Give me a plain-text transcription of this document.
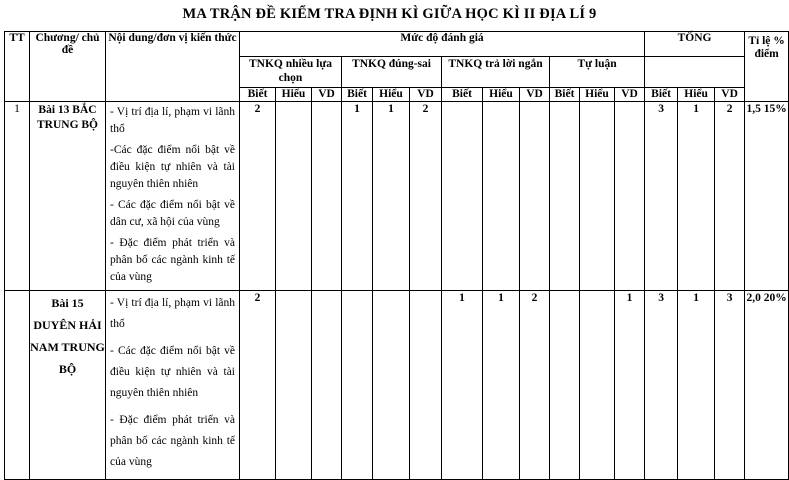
MA TRẬN ĐỀ KIỂM TRA ĐỊNH KÌ GIỮA HỌC KÌ II ĐỊA LÍ 9
TT	Chương/ chủ đề	Nội dung/đơn vị kiến thức	Mức độ đánh giá												TỔNG			Tỉ lệ % điểm
			TNKQ nhiều lựa chọn			TNKQ đúng-sai			TNKQ trả lời ngắn			Tự luận						
			Biết	Hiểu	VD	Biết	Hiểu	VD	Biết	Hiểu	VD	Biết	Hiểu	VD	Biết	Hiểu	VD	
1	Bài 13 BẮC TRUNG BỘ	- Vị trí địa lí, phạm vi lãnh thổ

-Các đặc điểm nổi bật về điều kiện tự nhiên và tài nguyên thiên nhiên

- Các đặc điểm nổi bật về dân cư, xã hội của vùng

- Đặc điểm phát triển và phân bố các ngành kinh tế của vùng	2			1	1	2							3	1	2	1,5 15%
	Bài 15 DUYÊN HẢI NAM TRUNG BỘ	- Vị trí địa lí, phạm vi lãnh thổ

- Các đặc điểm nổi bật về điều kiện tự nhiên và tài nguyên thiên nhiên

- Đặc điểm phát triển và phân bố các ngành kinh tế của vùng	2						1	1	2			1	3	1	3	2,0 20%
